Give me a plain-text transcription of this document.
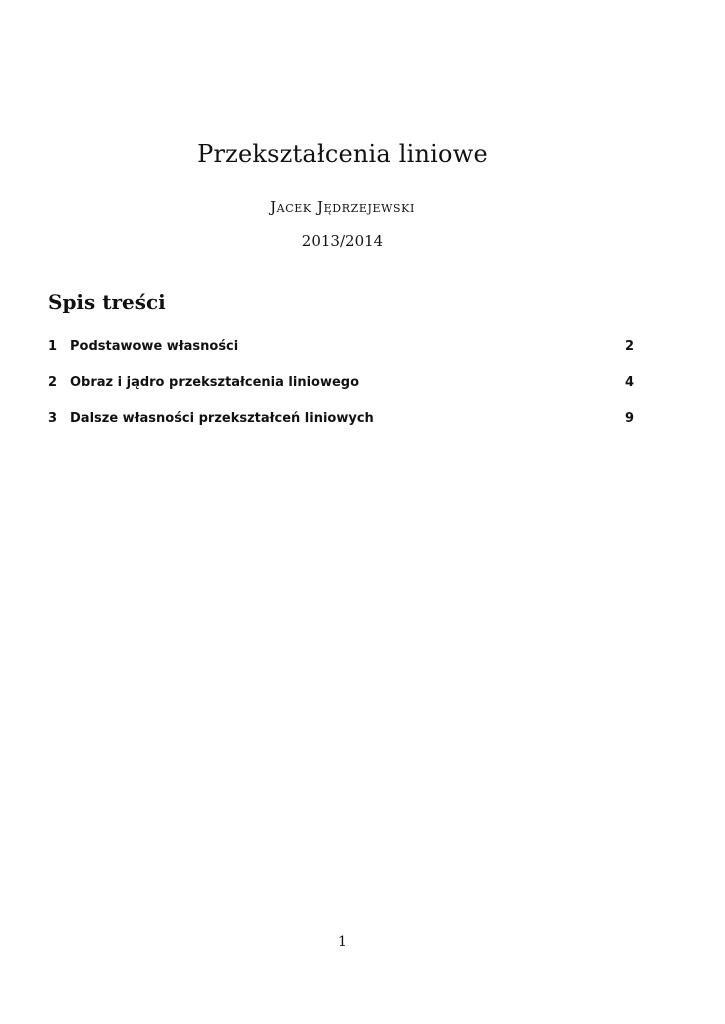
Przekształcenia liniowe
Jacek Jędrzejewski
2013/2014
Spis treści
1 Podstawowe własności	2
2 Obraz i jądro przekształcenia liniowego	4
3 Dalsze własności przekształceń liniowych	9
1
